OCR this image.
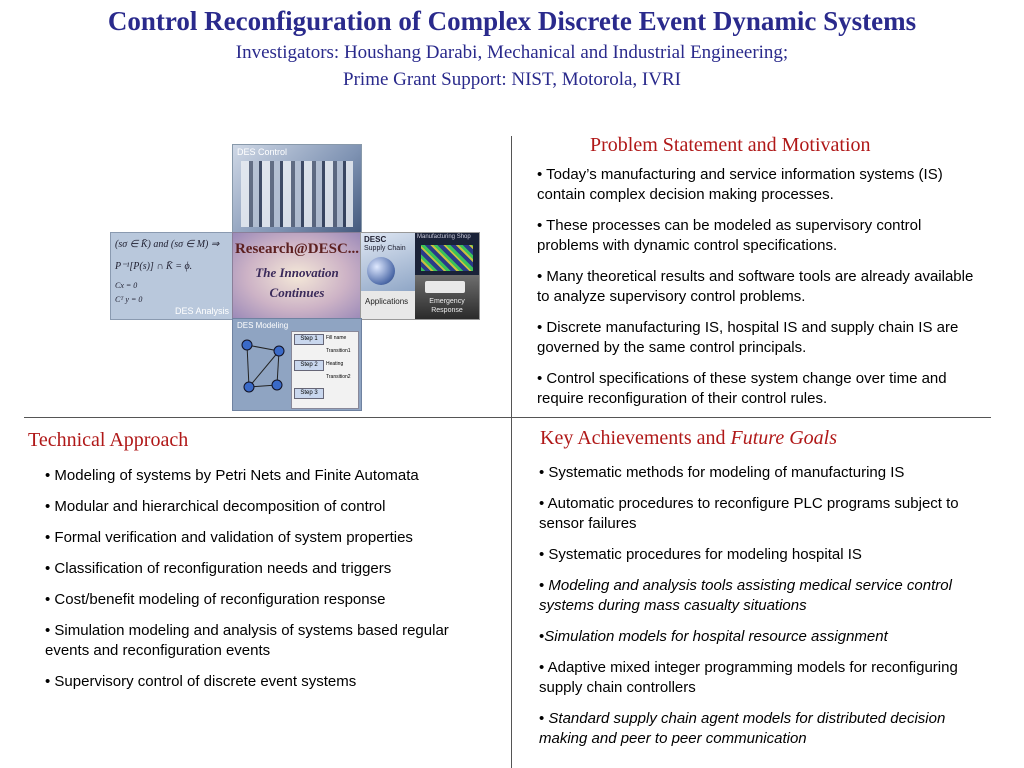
Control Reconfiguration of Complex Discrete Event Dynamic Systems
Investigators: Houshang Darabi, Mechanical and Industrial Engineering;
Prime Grant Support: NIST, Motorola, IVRI
DES Control
(sσ ∈ K̄) and (sσ ∈ M) ⇒
P⁻¹[P(s)] ∩ K̄ = ϕ.
Cx = 0
Cᵀ y = 0
DES Analysis
Research@DESC...
The Innovation
Continues
DESC
Supply Chain
Manufacturing Shop
Emergency Response
Applications
DES Modeling
Step 1	Fill name
Transition1
Step 2	Heating
Transition2
Step 3
Problem Statement and Motivation
• Today’s manufacturing and service information systems (IS) contain complex decision making processes.
• These processes can be modeled as supervisory control problems with dynamic control specifications.
• Many theoretical results and software tools are already available to analyze supervisory control problems.
• Discrete manufacturing IS, hospital IS and supply chain IS are governed by the same control principals.
• Control specifications of these system change over time and require reconfiguration of their control rules.
Technical Approach
• Modeling of systems by Petri Nets and Finite Automata
• Modular and hierarchical decomposition of control
• Formal verification and validation of system properties
• Classification of reconfiguration needs and triggers
• Cost/benefit modeling of reconfiguration response
• Simulation modeling and analysis of systems based regular events and reconfiguration events
• Supervisory control of discrete event systems
Key Achievements and Future Goals
• Systematic methods for modeling of manufacturing IS
• Automatic procedures to reconfigure PLC programs subject to sensor failures
• Systematic procedures for modeling hospital IS
• Modeling and analysis tools assisting medical service control systems during mass casualty situations
•Simulation models for hospital resource assignment
• Adaptive mixed integer programming models for reconfiguring supply chain controllers
• Standard supply chain agent models for distributed decision making and peer to peer communication
